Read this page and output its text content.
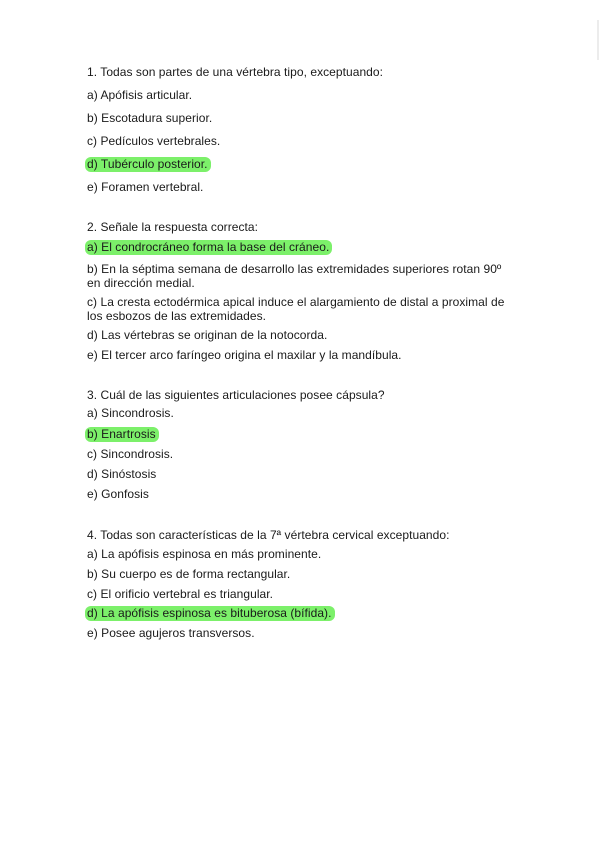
1. Todas son partes de una vértebra tipo, exceptuando:
a) Apófisis articular.
b) Escotadura superior.
c) Pedículos vertebrales.
d) Tubérculo posterior.
e) Foramen vertebral.
2. Señale la respuesta correcta:
a) El condrocráneo forma la base del cráneo.
b) En la séptima semana de desarrollo las extremidades superiores rotan 90º en dirección medial.
c) La cresta ectodérmica apical induce el alargamiento de distal a proximal de los esbozos de las extremidades.
d) Las vértebras se originan de la notocorda.
e) El tercer arco faríngeo origina el maxilar y la mandíbula.
3. Cuál de las siguientes articulaciones posee cápsula?
a) Sincondrosis.
b) Enartrosis
c) Sincondrosis.
d) Sinóstosis
e) Gonfosis
4. Todas son características de la 7ª vértebra cervical exceptuando:
a) La apófisis espinosa en más prominente.
b) Su cuerpo es de forma rectangular.
c) El orificio vertebral es triangular.
d) La apófisis espinosa es bituberosa (bífida).
e) Posee agujeros transversos.
